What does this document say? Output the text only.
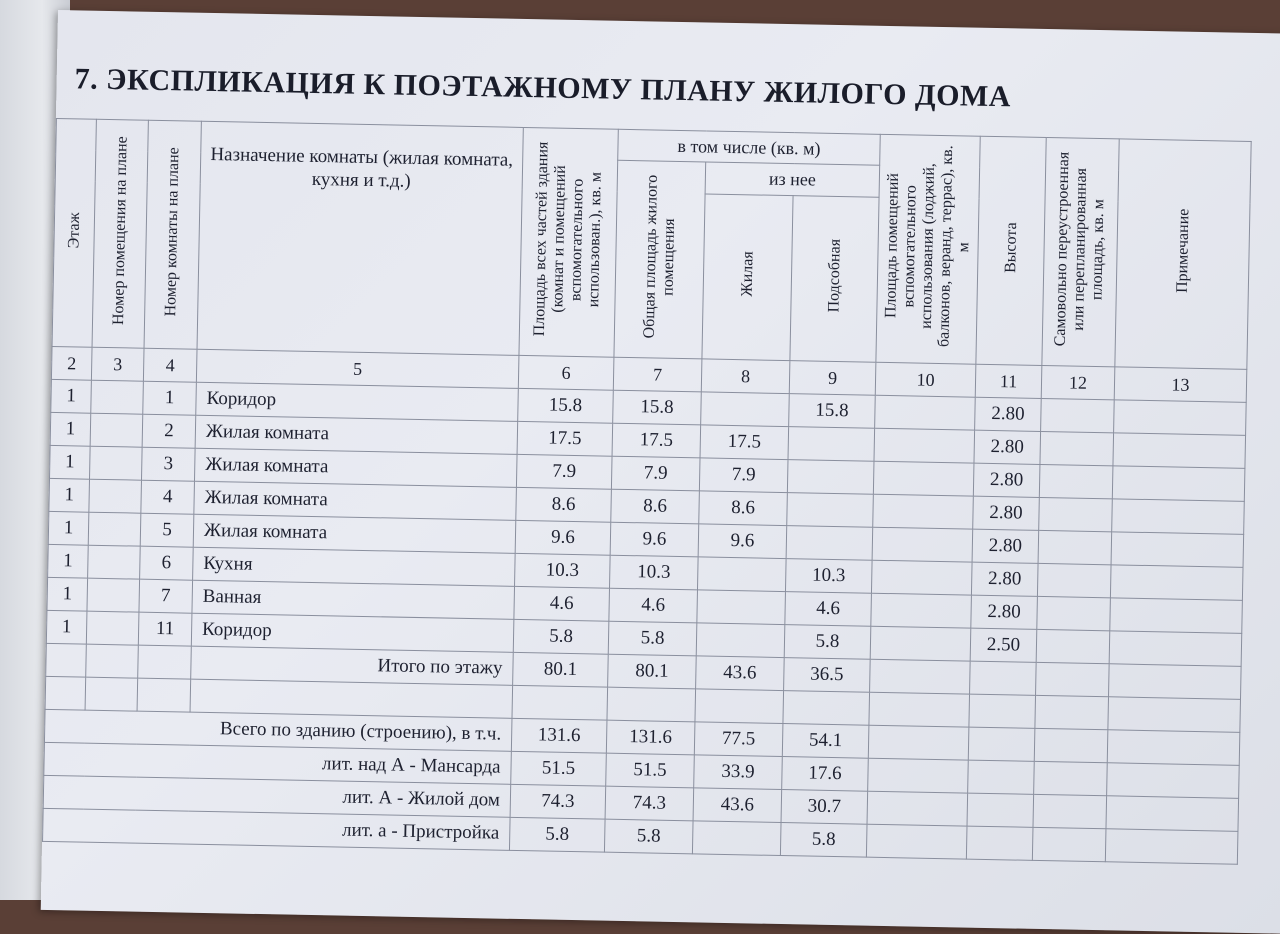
7. ЭКСПЛИКАЦИЯ К ПОЭТАЖНОМУ ПЛАНУ ЖИЛОГО ДОМА
Этаж	Номер помещения на плане	Номер комнаты на плане	Назначение комнаты (жилая комната, кухня и т.д.)	Площадь всех частей здания (комнат и помещений вспомогательного использован.), кв. м	в том числе (кв. м)			Площадь помещений вспомогательного использования (лоджий, балконов, веранд, террас), кв. м	Высота	Самовольно переустроенная или перепланированная площадь, кв. м	Примечание
					Общая площадь жилого помещения	из нее					
						Жилая	Подсобная				
2	3	4	5	6	7	8	9	10	11	12	13
1		1	Коридор	15.8	15.8		15.8		2.80		
1		2	Жилая комната	17.5	17.5	17.5			2.80		
1		3	Жилая комната	7.9	7.9	7.9			2.80		
1		4	Жилая комната	8.6	8.6	8.6			2.80		
1		5	Жилая комната	9.6	9.6	9.6			2.80		
1		6	Кухня	10.3	10.3		10.3		2.80		
1		7	Ванная	4.6	4.6		4.6		2.80		
1		11	Коридор	5.8	5.8		5.8		2.50		
			Итого по этажу	80.1	80.1	43.6	36.5				

Всего по зданию (строению), в т.ч.				131.6	131.6	77.5	54.1				
лит. над А - Мансарда				51.5	51.5	33.9	17.6				
лит. А - Жилой дом				74.3	74.3	43.6	30.7				
лит. а - Пристройка				5.8	5.8		5.8				
